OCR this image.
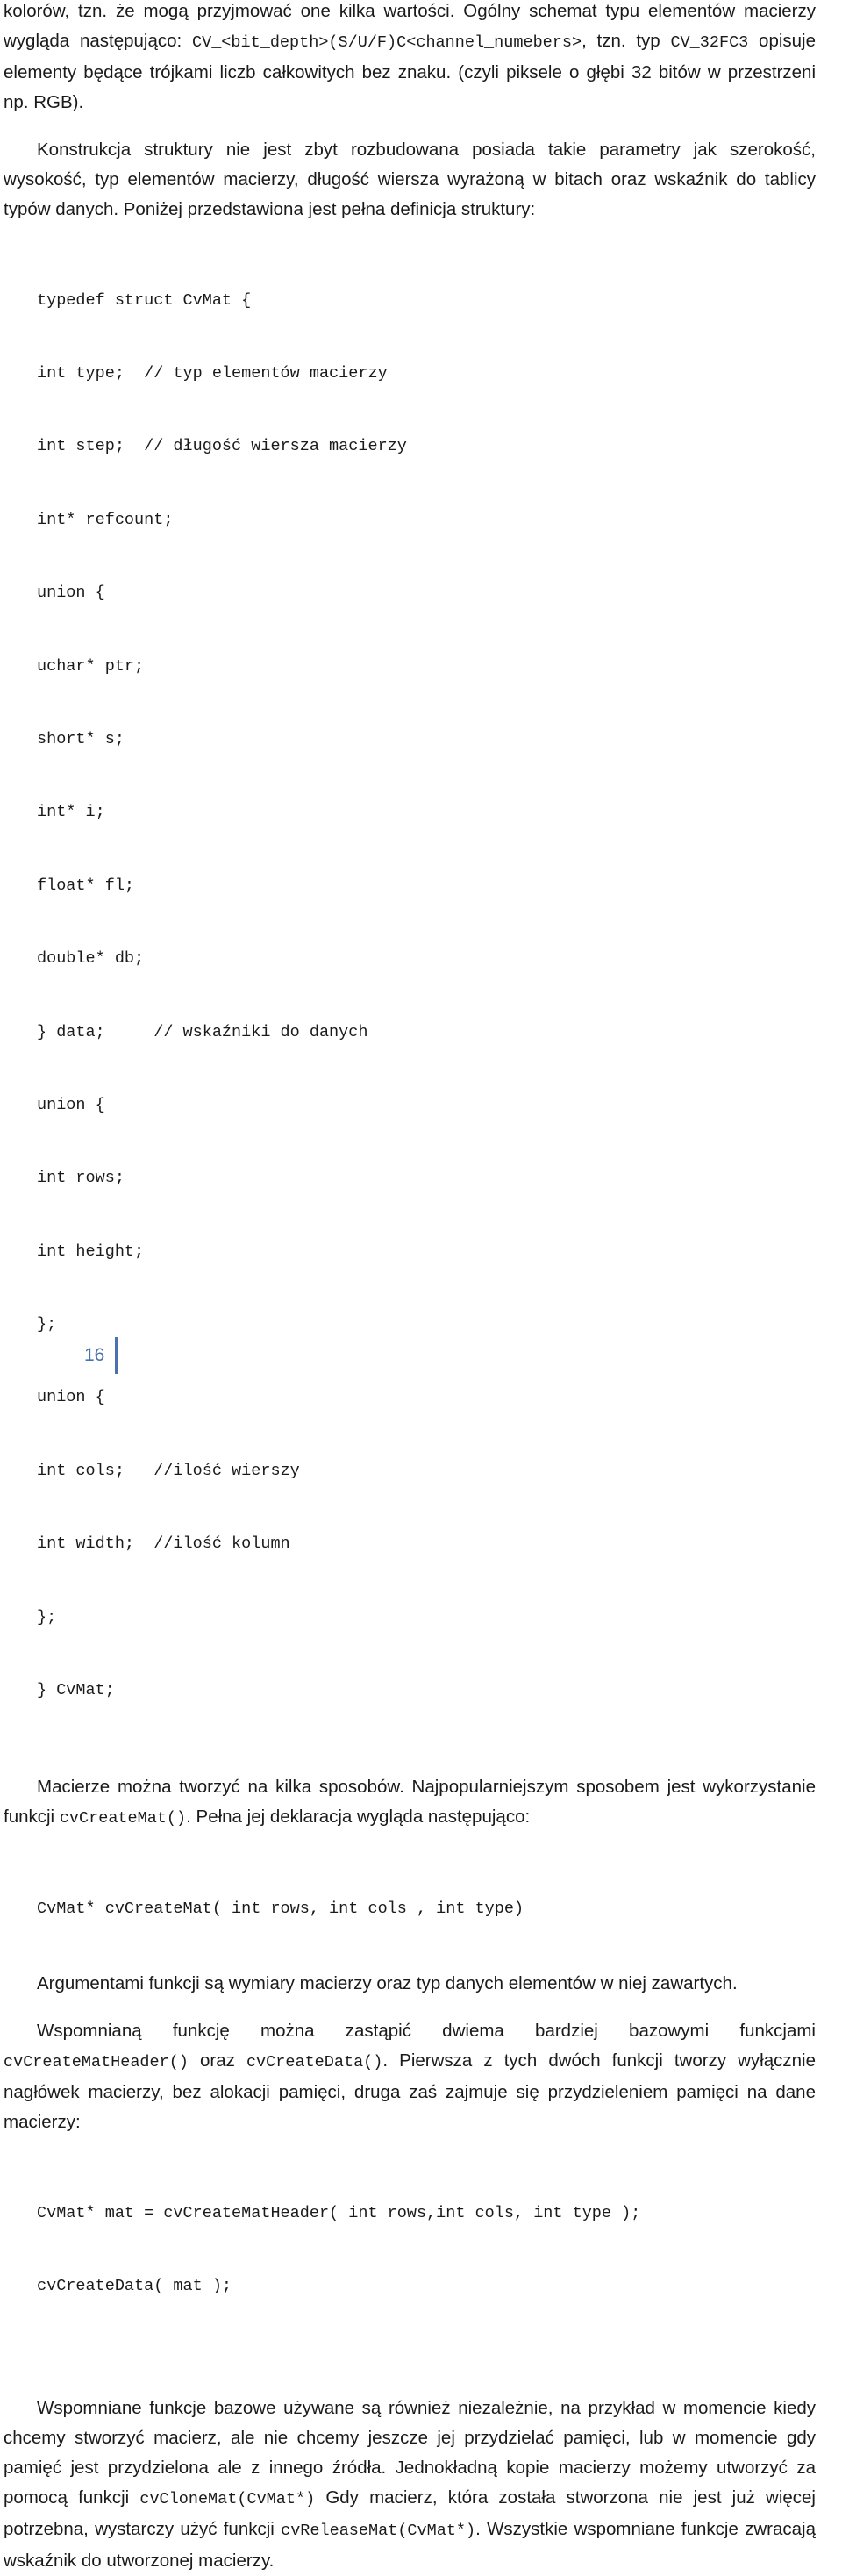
kolorów, tzn. że mogą przyjmować one kilka wartości. Ogólny schemat typu elementów macierzy wygląda następująco: CV_<bit_depth>(S/U/F)C<channel_numebers>, tzn. typ CV_32FC3 opisuje elementy będące trójkami liczb całkowitych bez znaku. (czyli piksele o głębi 32 bitów w przestrzeni np. RGB).

Konstrukcja struktury nie jest zbyt rozbudowana posiada takie parametry jak szerokość, wysokość, typ elementów macierzy, długość wiersza wyrażoną w bitach oraz wskaźnik do tablicy typów danych. Poniżej przedstawiona jest pełna definicja struktury:

typedef struct CvMat {

int type;  // typ elementów macierzy

int step;  // długość wiersza macierzy

int* refcount;

union {

uchar* ptr;

short* s;

int* i;

float* fl;

double* db;

} data;     // wskaźniki do danych

union {

int rows;

int height;

};

union {

int cols;   //ilość wierszy

int width;  //ilość kolumn

};

} CvMat;

Macierze można tworzyć na kilka sposobów. Najpopularniejszym sposobem jest wykorzystanie funkcji cvCreateMat(). Pełna jej deklaracja wygląda następująco:

CvMat* cvCreateMat( int rows, int cols , int type)

Argumentami funkcji są wymiary macierzy oraz typ danych elementów w niej zawartych.

Wspomnianą funkcję można zastąpić dwiema bardziej bazowymi funkcjami cvCreateMatHeader() oraz cvCreateData(). Pierwsza z tych dwóch funkcji tworzy wyłącznie nagłówek macierzy, bez alokacji pamięci, druga zaś zajmuje się przydzieleniem pamięci na dane macierzy:

CvMat* mat = cvCreateMatHeader( int rows,int cols, int type );

cvCreateData( mat );

Wspomniane funkcje bazowe używane są również niezależnie, na przykład w momencie kiedy chcemy stworzyć macierz, ale nie chcemy jeszcze jej przydzielać pamięci, lub w momencie gdy pamięć jest przydzielona ale z innego źródła. Jednokładną kopie macierzy możemy utworzyć za pomocą funkcji cvCloneMat(CvMat*) Gdy macierz, która została stworzona nie jest już więcej potrzebna, wystarczy użyć funkcji cvReleaseMat(CvMat*). Wszystkie wspomniane funkcje zwracają wskaźnik do utworzonej macierzy.

16
